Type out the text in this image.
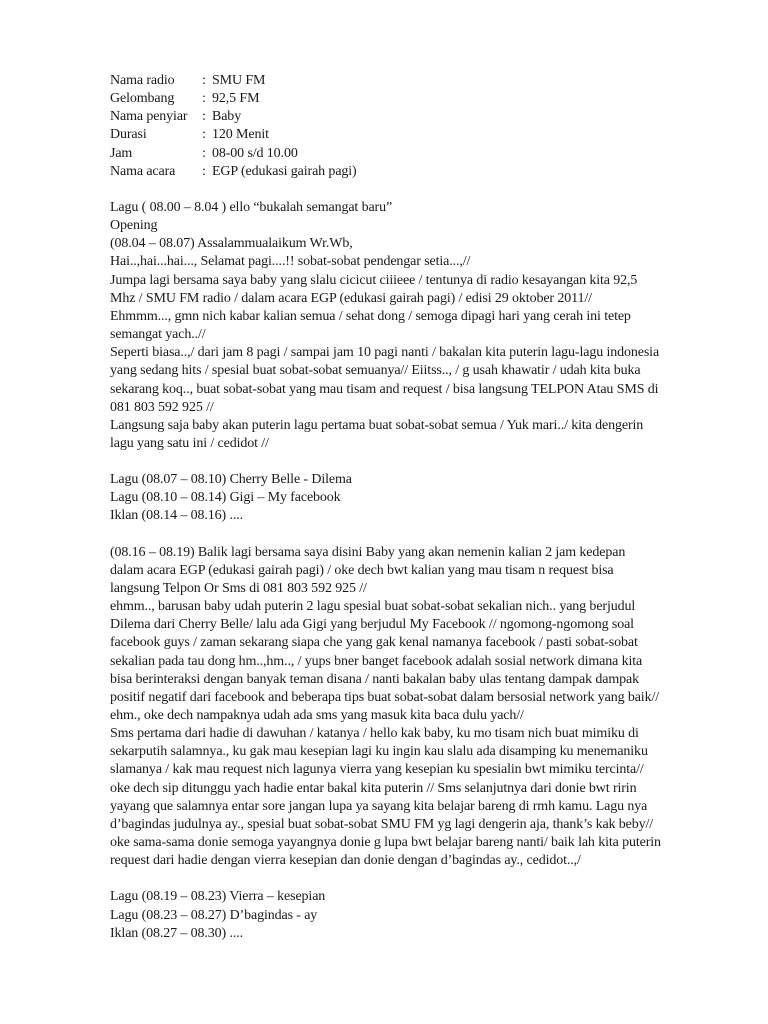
Nama radio	: SMU FM
Gelombang	: 92,5 FM
Nama penyiar	: Baby
Durasi	: 120 Menit
Jam	: 08-00 s/d 10.00
Nama acara	: EGP (edukasi gairah pagi)

Lagu ( 08.00 – 8.04 ) ello “bukalah semangat baru”

Opening

(08.04 – 08.07) Assalammualaikum Wr.Wb,

Hai..,hai...hai..., Selamat pagi....!! sobat-sobat pendengar setia...,//

Jumpa lagi bersama saya baby yang slalu cicicut ciiieee / tentunya di radio kesayangan kita 92,5 Mhz / SMU FM radio / dalam acara EGP (edukasi gairah pagi) / edisi 29 oktober 2011//

Ehmmm..., gmn nich kabar kalian semua / sehat dong / semoga dipagi hari yang cerah ini tetep semangat yach..//

Seperti biasa..,/ dari jam 8 pagi / sampai jam 10 pagi nanti / bakalan kita puterin lagu-lagu indonesia yang sedang hits / spesial buat sobat-sobat semuanya// Eiitss.., / g usah khawatir / udah kita buka sekarang koq.., buat sobat-sobat yang mau tisam and request / bisa langsung TELPON Atau SMS di 081 803 592 925 //

Langsung saja baby akan puterin lagu pertama buat sobat-sobat semua / Yuk mari../ kita dengerin lagu yang satu ini / cedidot //

Lagu (08.07 – 08.10) Cherry Belle - Dilema

Lagu (08.10 – 08.14) Gigi – My facebook

Iklan (08.14 – 08.16) ....

(08.16 – 08.19) Balik lagi bersama saya disini Baby yang akan nemenin kalian 2 jam kedepan dalam acara EGP (edukasi gairah pagi) / oke dech bwt kalian yang mau tisam n request bisa langsung Telpon Or Sms di 081 803 592 925 //

ehmm.., barusan baby udah puterin 2 lagu spesial buat sobat-sobat sekalian nich.. yang berjudul Dilema dari Cherry Belle/ lalu ada Gigi yang berjudul My Facebook // ngomong-ngomong soal facebook guys / zaman sekarang siapa che yang gak kenal namanya facebook / pasti sobat-sobat sekalian pada tau dong hm..,hm.., / yups bner banget facebook adalah sosial network dimana kita bisa berinteraksi dengan banyak teman disana / nanti bakalan baby ulas tentang dampak dampak positif negatif dari facebook and beberapa tips buat sobat-sobat dalam bersosial network yang baik//

ehm., oke dech nampaknya udah ada sms yang masuk kita baca dulu yach//

Sms pertama dari hadie di dawuhan / katanya / hello kak baby, ku mo tisam nich buat mimiku di sekarputih salamnya., ku gak mau kesepian lagi ku ingin kau slalu ada disamping ku menemaniku slamanya / kak mau request nich lagunya vierra yang kesepian ku spesialin bwt mimiku tercinta// oke dech sip ditunggu yach hadie entar bakal kita puterin // Sms selanjutnya dari donie bwt ririn yayang que salamnya entar sore jangan lupa ya sayang kita belajar bareng di rmh kamu. Lagu nya d’bagindas judulnya ay., spesial buat sobat-sobat SMU FM yg lagi dengerin aja, thank’s kak beby// oke sama-sama donie semoga yayangnya donie g lupa bwt belajar bareng nanti/ baik lah kita puterin request dari hadie dengan vierra kesepian dan donie dengan d’bagindas ay., cedidot..,/

Lagu (08.19 – 08.23) Vierra – kesepian

Lagu (08.23 – 08.27) D’bagindas - ay

Iklan (08.27 – 08.30) ....
